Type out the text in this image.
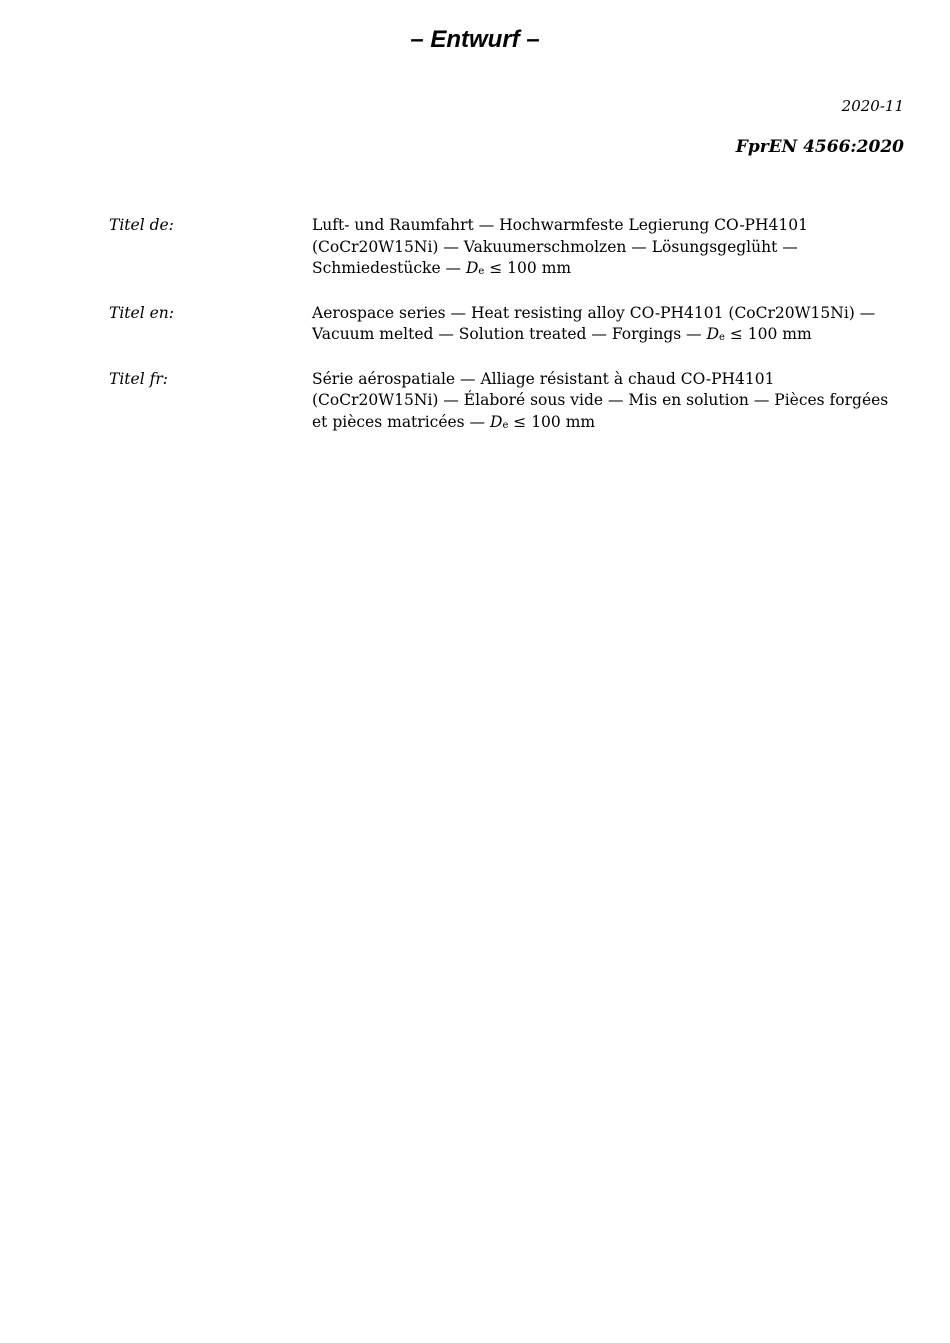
– Entwurf –
2020-11
FprEN 4566:2020
Titel de:	Luft- und Raumfahrt — Hochwarmfeste Legierung CO-PH4101
(CoCr20W15Ni) — Vakuumerschmolzen — Lösungsgeglüht —
Schmiedestücke — De ≤ 100 mm
Titel en:	Aerospace series — Heat resisting alloy CO-PH4101 (CoCr20W15Ni) —
Vacuum melted — Solution treated — Forgings — De ≤ 100 mm
Titel fr:	Série aérospatiale — Alliage résistant à chaud CO-PH4101
(CoCr20W15Ni) — Élaboré sous vide — Mis en solution — Pièces forgées
et pièces matricées — De ≤ 100 mm
